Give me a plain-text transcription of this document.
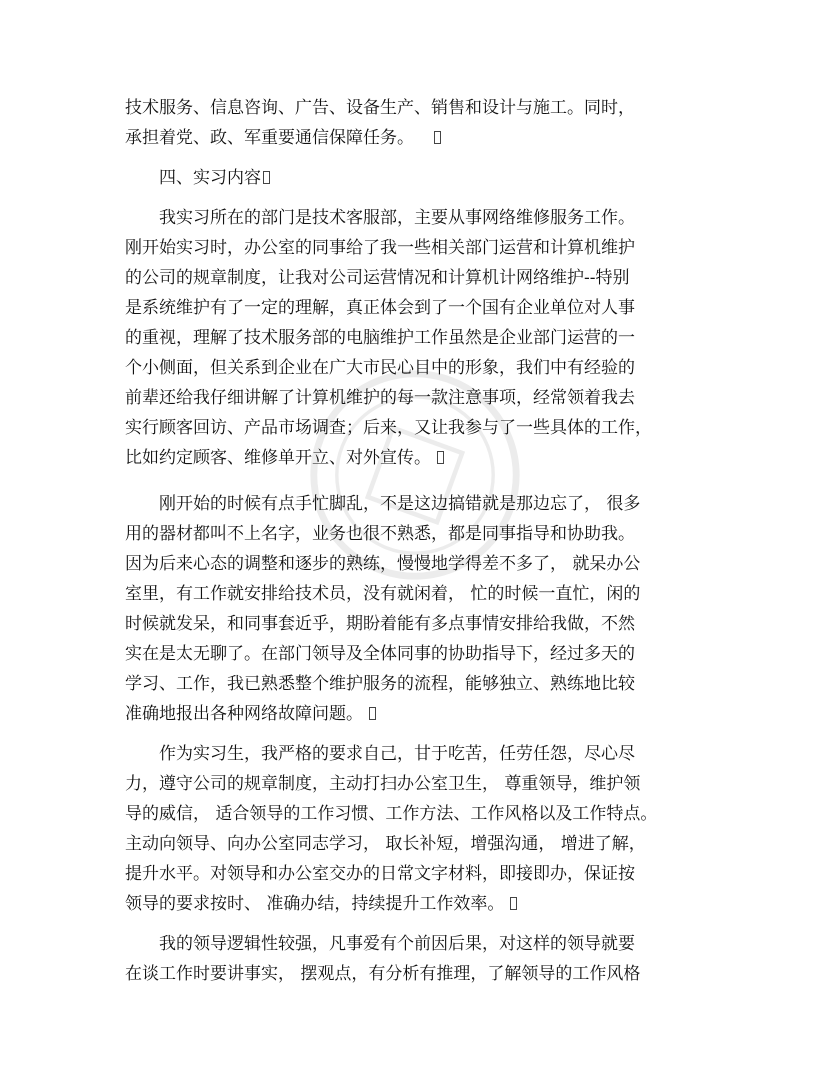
技术服务、信息咨询、广告、设备生产、销售和设计与施工。同时，
承担着党、政、军重要通信保障任务。

四、实习内容

我实习所在的部门是技术客服部，主要从事网络维修服务工作。
刚开始实习时，办公室的同事给了我一些相关部门运营和计算机维护
的公司的规章制度，让我对公司运营情况和计算机计网络维护--特别
是系统维护有了一定的理解，真正体会到了一个国有企业单位对人事
的重视，理解了技术服务部的电脑维护工作虽然是企业部门运营的一
个小侧面，但关系到企业在广大市民心目中的形象，我们中有经验的
前辈还给我仔细讲解了计算机维护的每一款注意事项，经常领着我去
实行顾客回访、产品市场调查；后来，又让我参与了一些具体的工作，
比如约定顾客、维修单开立、对外宣传。

刚开始的时候有点手忙脚乱，不是这边搞错就是那边忘了， 很多
用的器材都叫不上名字，业务也很不熟悉，都是同事指导和协助我。
因为后来心态的调整和逐步的熟练，慢慢地学得差不多了， 就呆办公
室里，有工作就安排给技术员，没有就闲着， 忙的时候一直忙，闲的
时候就发呆，和同事套近乎，期盼着能有多点事情安排给我做，不然
实在是太无聊了。在部门领导及全体同事的协助指导下，经过多天的
学习、工作，我已熟悉整个维护服务的流程，能够独立、熟练地比较
准确地报出各种网络故障问题。

作为实习生，我严格的要求自己，甘于吃苦，任劳任怨，尽心尽
力，遵守公司的规章制度，主动打扫办公室卫生， 尊重领导，维护领
导的威信， 适合领导的工作习惯、工作方法、工作风格以及工作特点。
主动向领导、向办公室同志学习， 取长补短，增强沟通， 增进了解，
提升水平。对领导和办公室交办的日常文字材料，即接即办，保证按
领导的要求按时、 准确办结，持续提升工作效率。

我的领导逻辑性较强，凡事爱有个前因后果，对这样的领导就要
在谈工作时要讲事实， 摆观点，有分析有推理，了解领导的工作风格
